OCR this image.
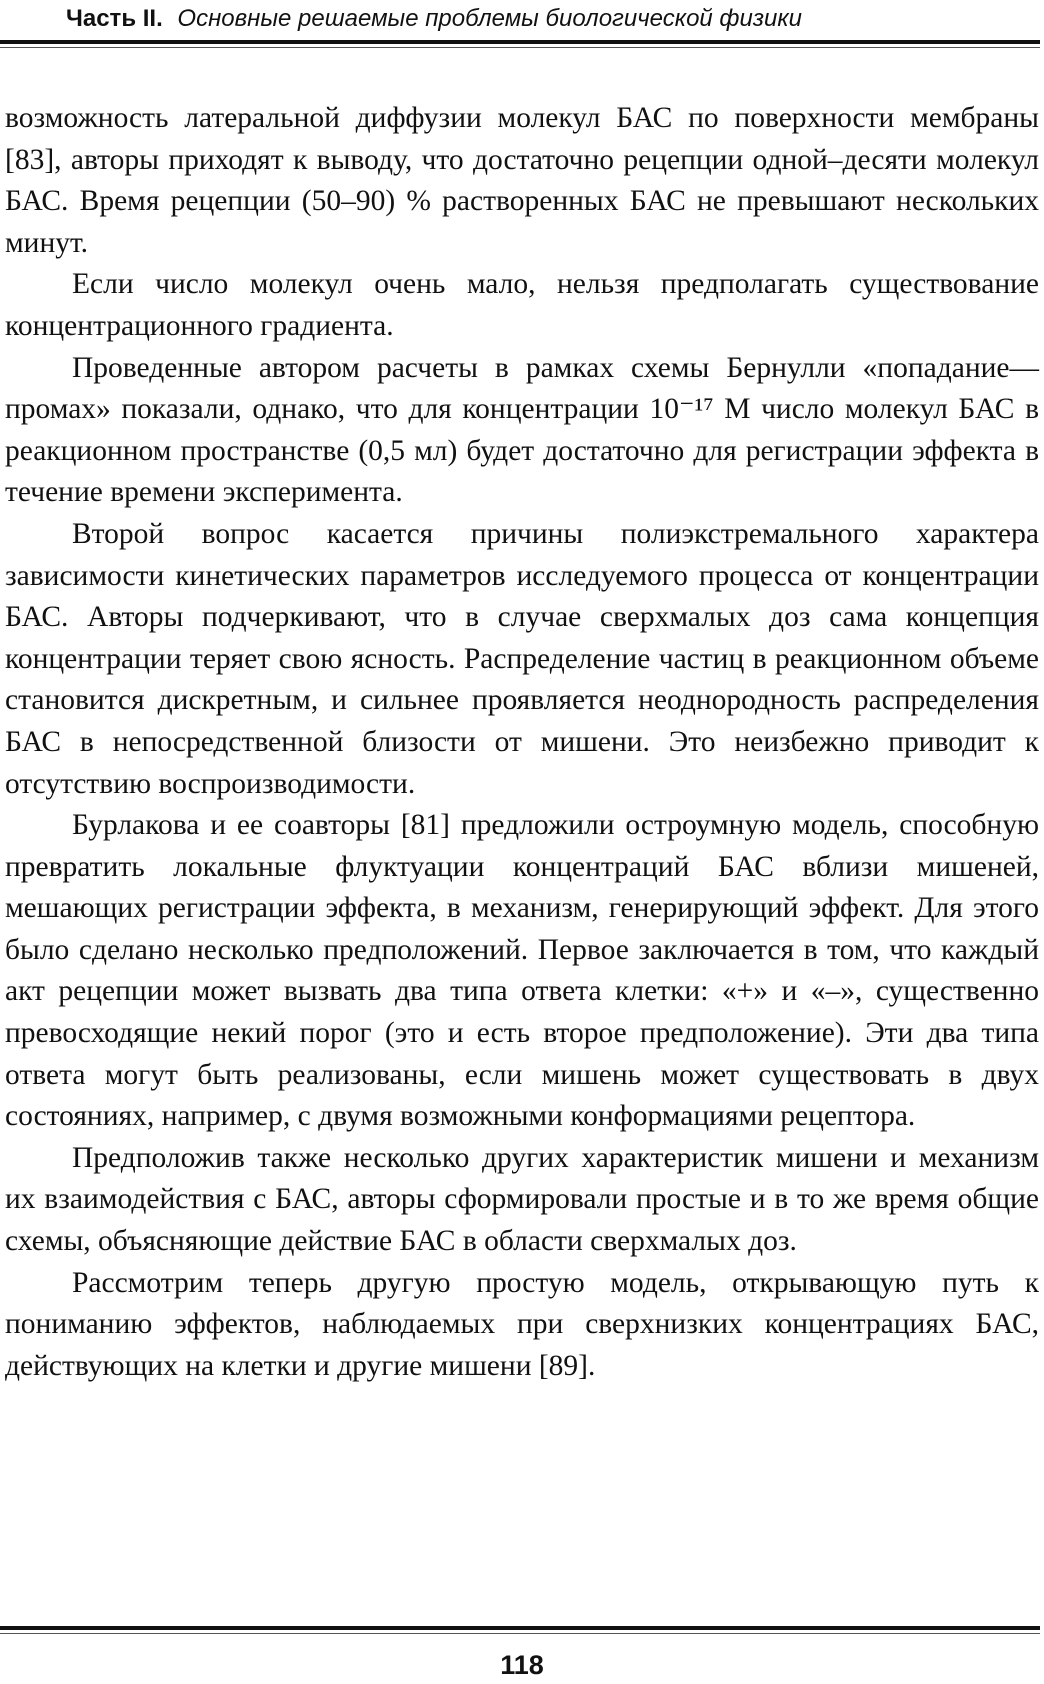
Часть II. Основные решаемые проблемы биологической физики

возможность латеральной диффузии молекул БАС по поверхности мембраны [83], авторы приходят к выводу, что достаточно рецепции одной–десяти молекул БАС. Время рецепции (50–90) % растворенных БАС не превышают нескольких минут.

Если число молекул очень мало, нельзя предполагать существование концентрационного градиента.

Проведенные автором расчеты в рамках схемы Бернулли «попадание—промах» показали, однако, что для концентрации 10⁻¹⁷ М число молекул БАС в реакционном пространстве (0,5 мл) будет достаточно для регистрации эффекта в течение времени эксперимента.

Второй вопрос касается причины полиэкстремального характера зависимости кинетических параметров исследуемого процесса от концентрации БАС. Авторы подчеркивают, что в случае сверхмалых доз сама концепция концентрации теряет свою ясность. Распределение частиц в реакционном объеме становится дискретным, и сильнее проявляется неоднородность распределения БАС в непосредственной близости от мишени. Это неизбежно приводит к отсутствию воспроизводимости.

Бурлакова и ее соавторы [81] предложили остроумную модель, способную превратить локальные флуктуации концентраций БАС вблизи мишеней, мешающих регистрации эффекта, в механизм, генерирующий эффект. Для этого было сделано несколько предположений. Первое заключается в том, что каждый акт рецепции может вызвать два типа ответа клетки: «+» и «–», существенно превосходящие некий порог (это и есть второе предположение). Эти два типа ответа могут быть реализованы, если мишень может существовать в двух состояниях, например, с двумя возможными конформациями рецептора.

Предположив также несколько других характеристик мишени и механизм их взаимодействия с БАС, авторы сформировали простые и в то же время общие схемы, объясняющие действие БАС в области сверхмалых доз.

Рассмотрим теперь другую простую модель, открывающую путь к пониманию эффектов, наблюдаемых при сверхнизких концентрациях БАС, действующих на клетки и другие мишени [89].

118
